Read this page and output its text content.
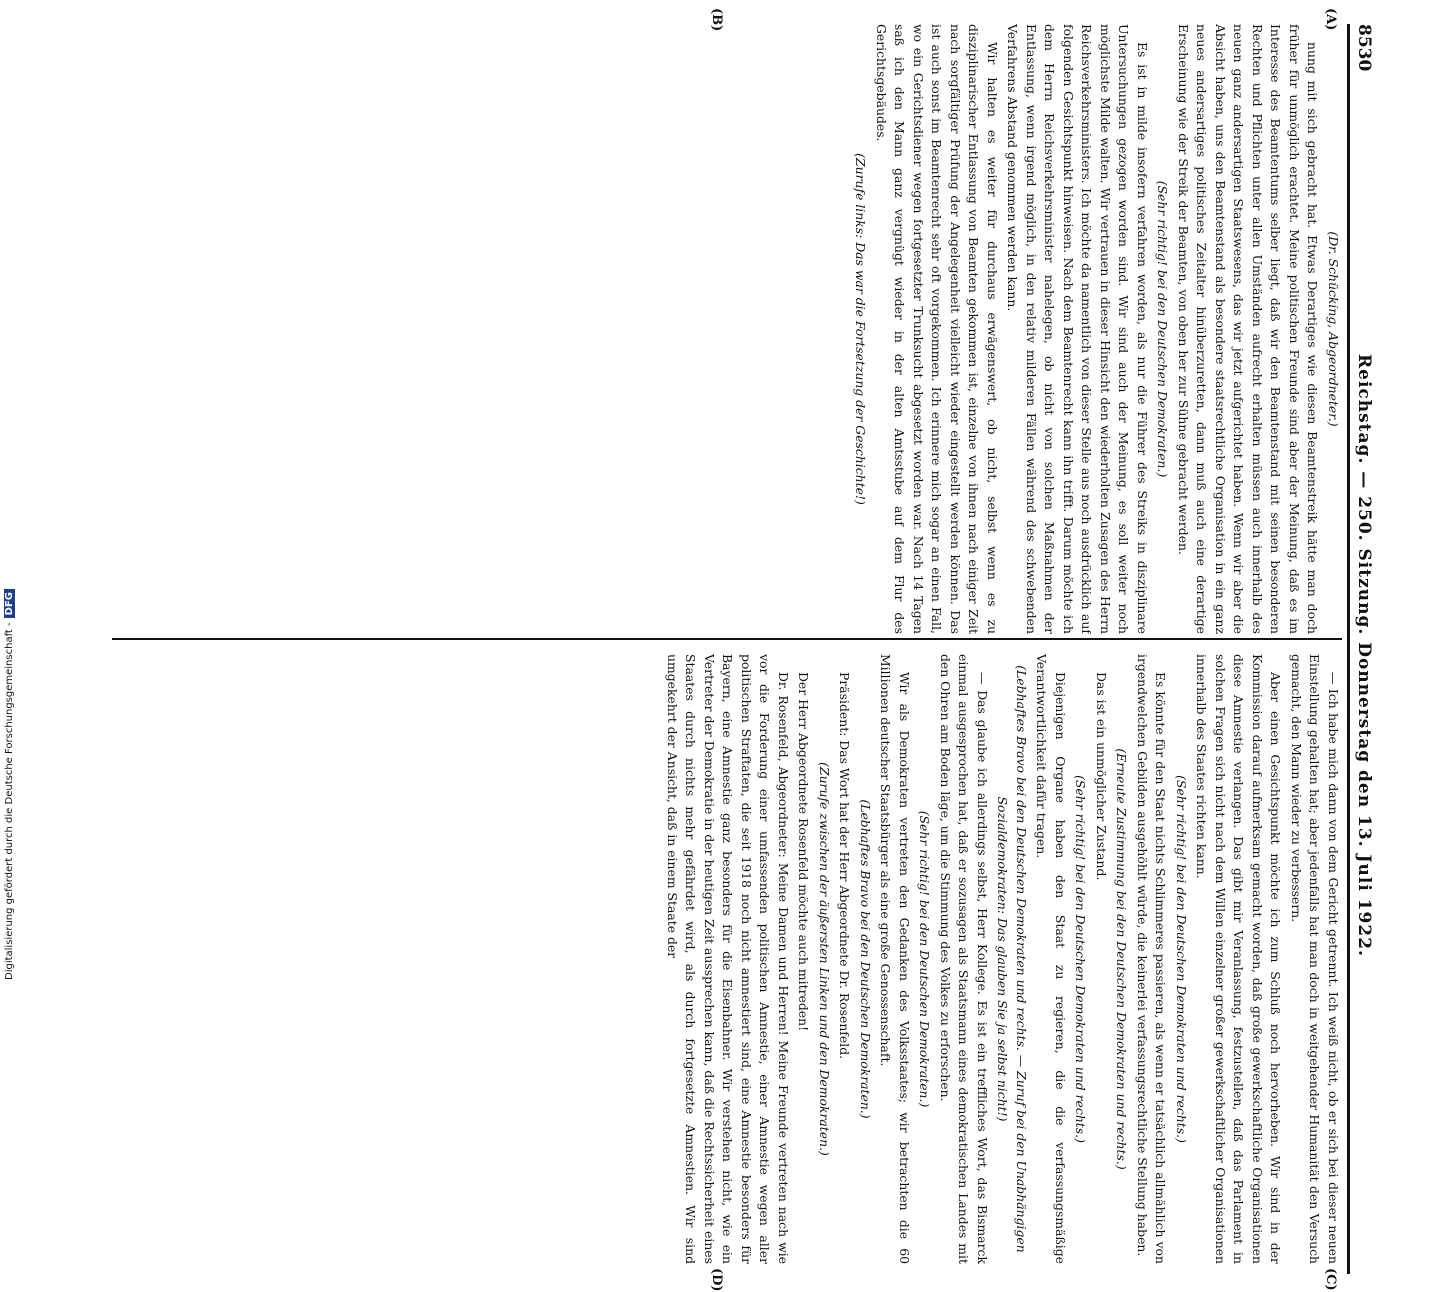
8530
Reichstag. — 250. Sitzung. Donnerstag den 13. Juli 1922.

(Dr. Schücking, Abgeordneter.)

nung mit sich gebracht hat. Etwas Derartiges wie diesen Beamtenstreik hätte man doch früher für unmöglich erachtet. Meine politischen Freunde sind aber der Meinung, daß es im Interesse des Beamtentums selber liegt, daß wir den Beamtenstand mit seinen besonderen Rechten und Pflichten unter allen Umständen aufrecht erhalten müssen auch innerhalb des neuen ganz andersartigen Staatswesens, das wir jetzt aufgerichtet haben. Wenn wir aber die Absicht haben, uns den Beamtenstand als besondere staatsrechtliche Organisation in ein ganz neues andersartiges politisches Zeitalter hinüberzuretten, dann muß auch eine derartige Erscheinung wie der Streik der Beamten, von oben her zur Sühne gebracht werden.

(Sehr richtig! bei den Deutschen Demokraten.)

Es ist in milde insofern verfahren worden, als nur die Führer des Streiks in disziplinare Untersuchungen gezogen worden sind. Wir sind auch der Meinung, es soll weiter noch möglichste Milde walten. Wir vertrauen in dieser Hinsicht den wiederholten Zusagen des Herrn Reichsverkehrsministers. Ich möchte da namentlich von dieser Stelle aus noch ausdrücklich auf folgenden Gesichtspunkt hinweisen. Nach dem Beamtenrecht kann ihn trifft. Darum möchte ich dem Herrn Reichsverkehrsminister nahelegen, ob nicht von solchen Maßnahmen der Entlassung, wenn irgend möglich, in den relativ milderen Fällen während des schwebenden Verfahrens Abstand genommen werden kann.

Wir halten es weiter für durchaus erwägenswert, ob nicht, selbst wenn es zu disziplinarischer Entlassung von Beamten gekommen ist, einzelne von ihnen nach einiger Zeit nach sorgfältiger Prüfung der Angelegenheit vielleicht wieder eingestellt werden können. Das ist auch sonst im Beamtenrecht sehr oft vorgekommen. Ich erinnere mich sogar an einen Fall, wo ein Gerichtsdiener wegen fortgesetzter Trunksucht abgesetzt worden war. Nach 14 Tagen saß ich den Mann ganz vergnügt wieder in der alten Amtsstube auf dem Flur des Gerichtsgebäudes.

(Zurufe links: Das war die Fortsetzung der Geschichte!)

— Ich habe mich dann von dem Gericht getrennt. Ich weiß nicht, ob er sich bei dieser neuen Einstellung gehalten hat; aber jedenfalls hat man doch in weitgehender Humanität den Versuch gemacht, den Mann wieder zu verbessern.

Aber einen Gesichtspunkt möchte ich zum Schluß noch hervorheben. Wir sind in der Kommission darauf aufmerksam gemacht worden, daß große gewerkschaftliche Organisationen diese Amnestie verlangen. Das gibt mir Veranlassung, festzustellen, daß das Parlament in solchen Fragen sich nicht nach dem Willen einzelner großer gewerkschaftlicher Organisationen innerhalb des Staates richten kann.

(Sehr richtig! bei den Deutschen Demokraten und rechts.)

Es könnte für den Staat nichts Schlimmeres passieren, als wenn er tatsächlich allmählich von irgendwelchen Gebilden ausgehöhlt würde, die keinerlei verfassungsrechtliche Stellung haben.

(Erneute Zustimmung bei den Deutschen Demokraten und rechts.)

Das ist ein unmöglicher Zustand.

(Sehr richtig! bei den Deutschen Demokraten und rechts.)

Diejenigen Organe haben den Staat zu regieren, die die verfassungsmäßige Verantwortlichkeit dafür tragen.

(Lebhaftes Bravo bei den Deutschen Demokraten und rechts. — Zuruf bei den Unabhängigen Sozialdemokraten: Das glauben Sie ja selbst nicht!)

— Das glaube ich allerdings selbst, Herr Kollege. Es ist ein treffliches Wort, das Bismarck einmal ausgesprochen hat, daß er sozusagen als Staatsmann eines demokratischen Landes mit den Ohren am Boden läge, um die Stimmung des Volkes zu erforschen.

(Sehr richtig! bei den Deutschen Demokraten.)

Wir als Demokraten vertreten den Gedanken des Volksstaates; wir betrachten die 60 Millionen deutscher Staatsbürger als eine große Genossenschaft.

(Lebhaftes Bravo bei den Deutschen Demokraten.)

Präsident: Das Wort hat der Herr Abgeordnete Dr. Rosenfeld.

(Zurufe zwischen der äußersten Linken und den Demokraten.)

Der Herr Abgeordnete Rosenfeld möchte auch mitreden!

Dr. Rosenfeld, Abgeordneter: Meine Damen und Herren! Meine Freunde vertreten nach wie vor die Forderung einer umfassenden politischen Amnestie, einer Amnestie wegen aller politischen Straftaten, die seit 1918 noch nicht amnestiert sind, eine Amnestie besonders für Bayern, eine Amnestie ganz besonders für die Eisenbahner. Wir verstehen nicht, wie ein Vertreter der Demokratie in der heutigen Zeit aussprechen kann, daß die Rechtssicherheit eines Staates durch nichts mehr gefährdet wird, als durch fortgesetzte Amnestien. Wir sind umgekehrt der Ansicht, daß in einem Staate der

(A)
(B)
(C)
(D)
Digitalisierung gefördert durch die Deutsche Forschungsgemeinschaft -DFG
